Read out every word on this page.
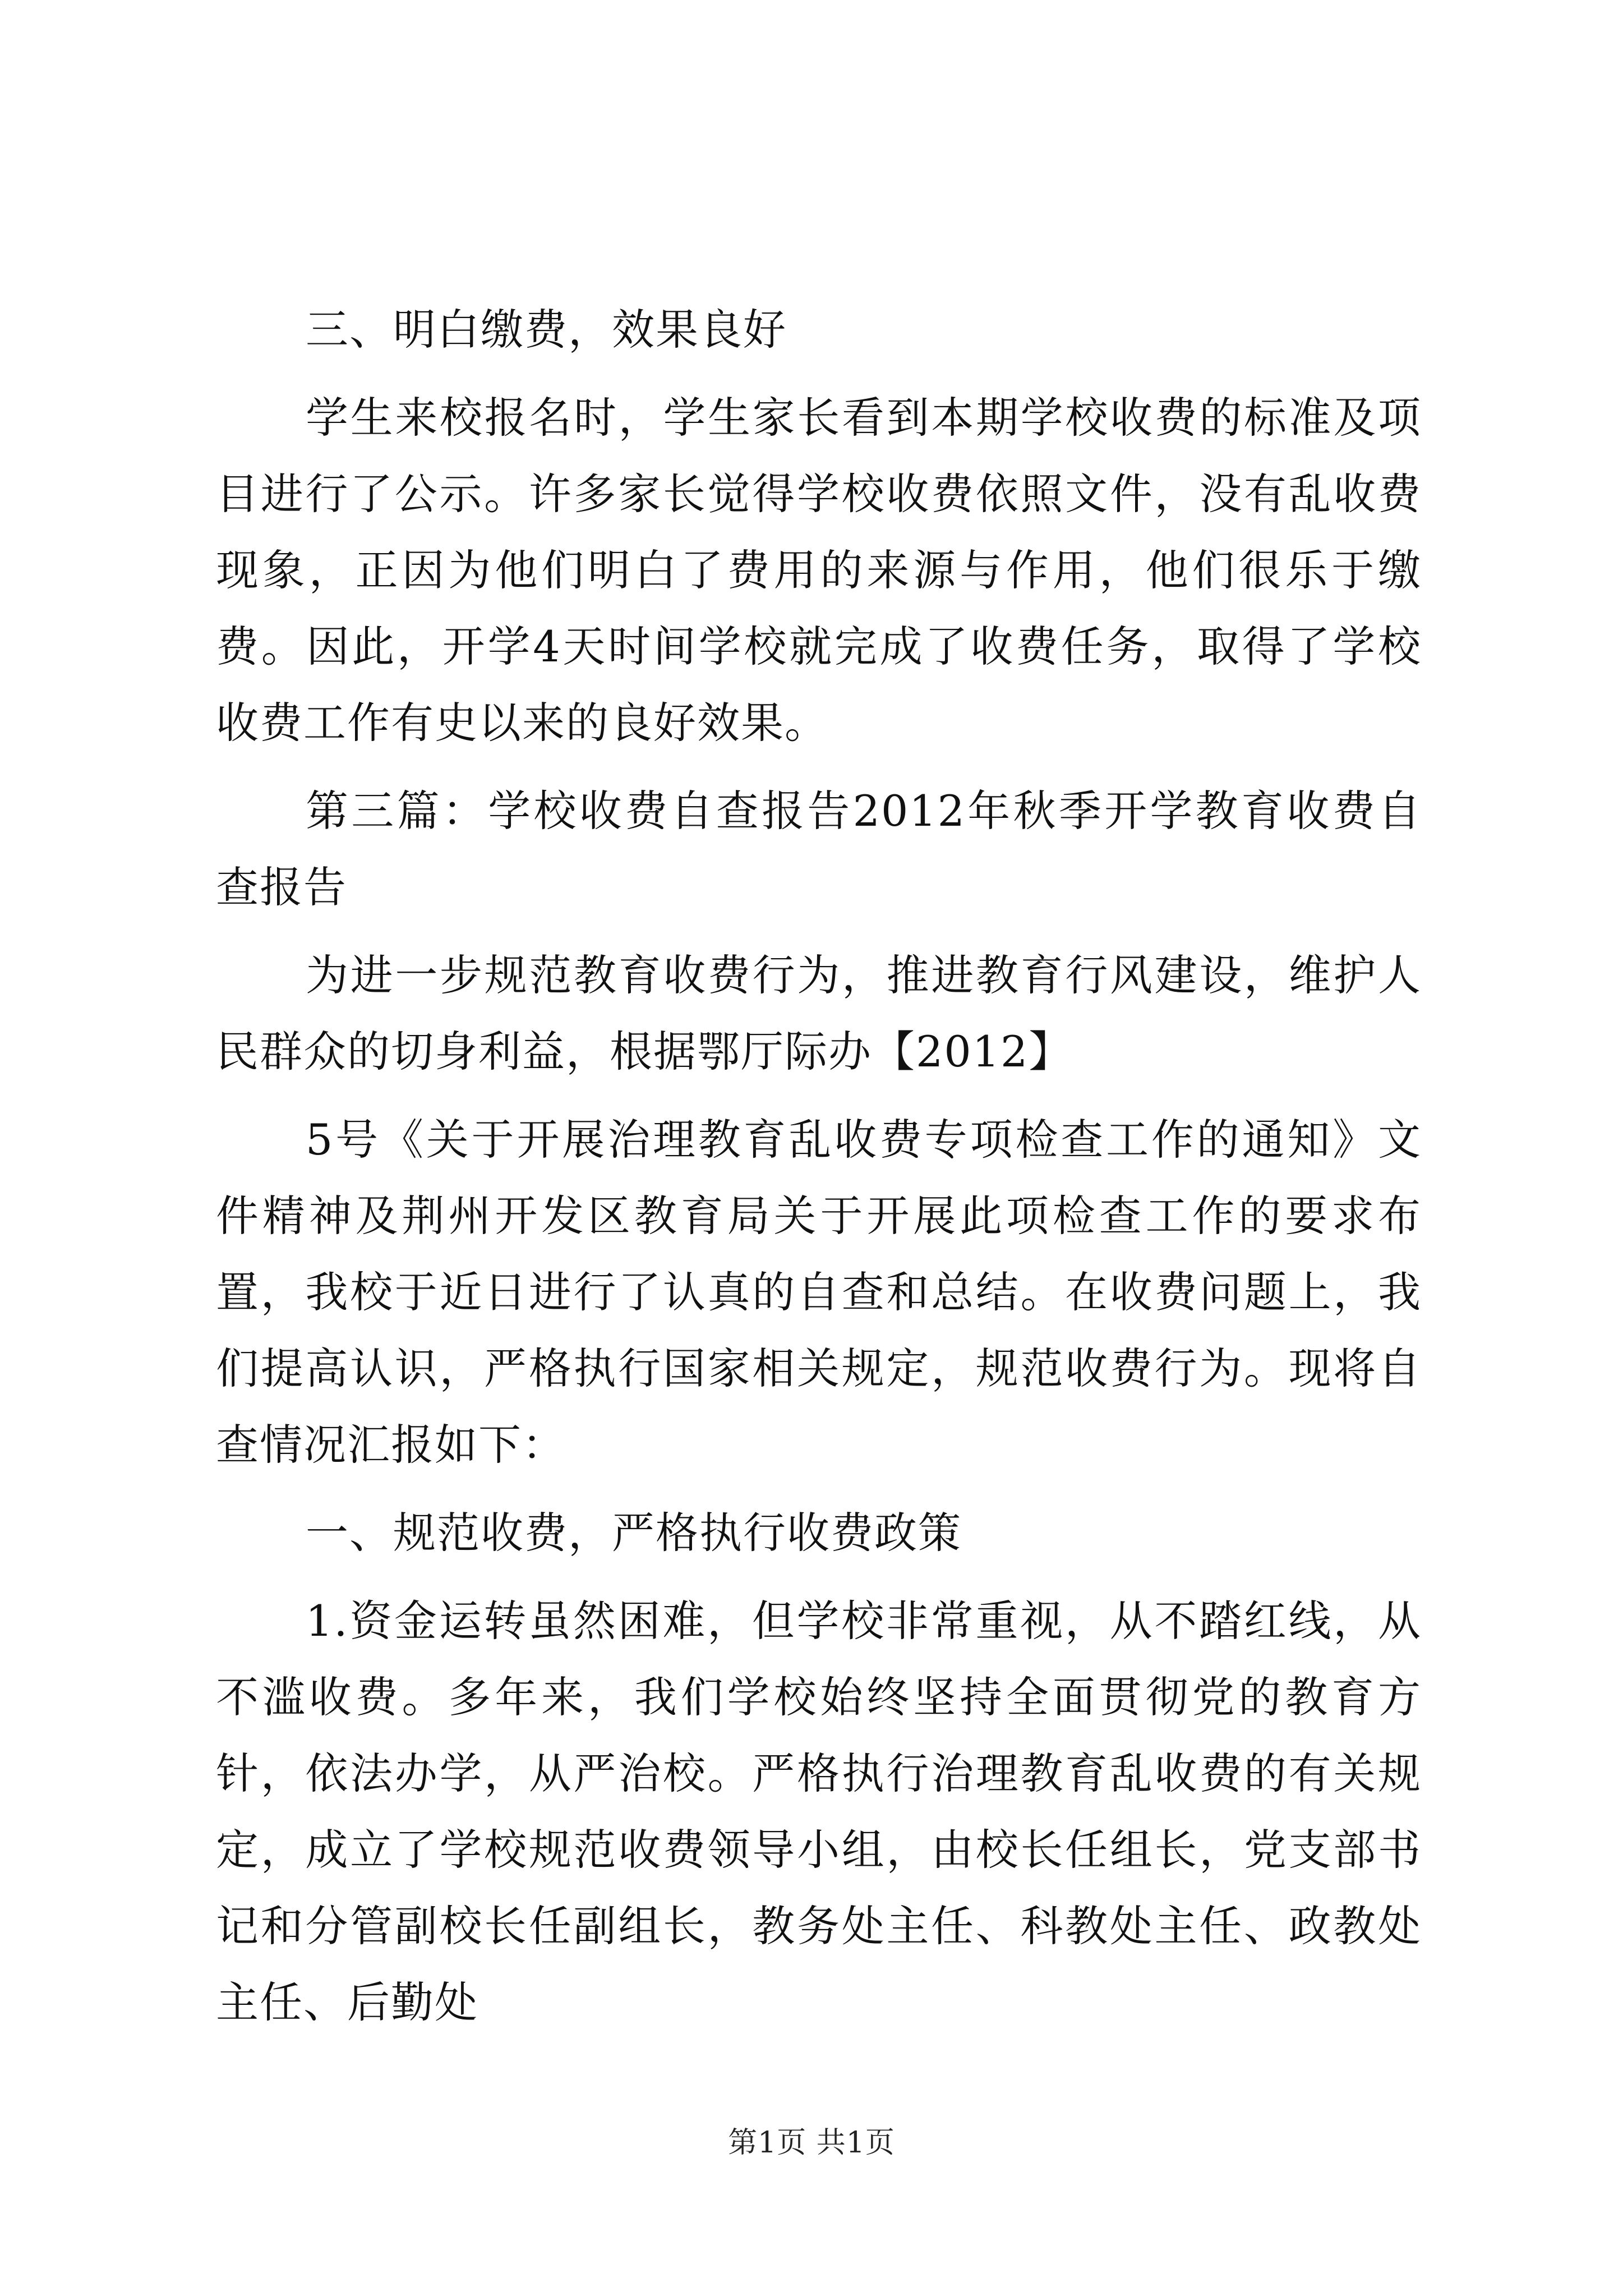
三、明白缴费，效果良好

学生来校报名时，学生家长看到本期学校收费的标准及项目进行了公示。许多家长觉得学校收费依照文件，没有乱收费现象，正因为他们明白了费用的来源与作用，他们很乐于缴费。因此，开学4天时间学校就完成了收费任务，取得了学校收费工作有史以来的良好效果。

第三篇：学校收费自查报告2012年秋季开学教育收费自查报告

为进一步规范教育收费行为，推进教育行风建设，维护人民群众的切身利益，根据鄂厅际办【2012】

5号《关于开展治理教育乱收费专项检查工作的通知》文件精神及荆州开发区教育局关于开展此项检查工作的要求布置，我校于近日进行了认真的自查和总结。在收费问题上，我们提高认识，严格执行国家相关规定，规范收费行为。现将自查情况汇报如下：

一、规范收费，严格执行收费政策

1.资金运转虽然困难，但学校非常重视，从不踏红线，从不滥收费。多年来，我们学校始终坚持全面贯彻党的教育方针，依法办学，从严治校。严格执行治理教育乱收费的有关规定，成立了学校规范收费领导小组，由校长任组长，党支部书记和分管副校长任副组长，教务处主任、科教处主任、政教处主任、后勤处

第1页 共1页
